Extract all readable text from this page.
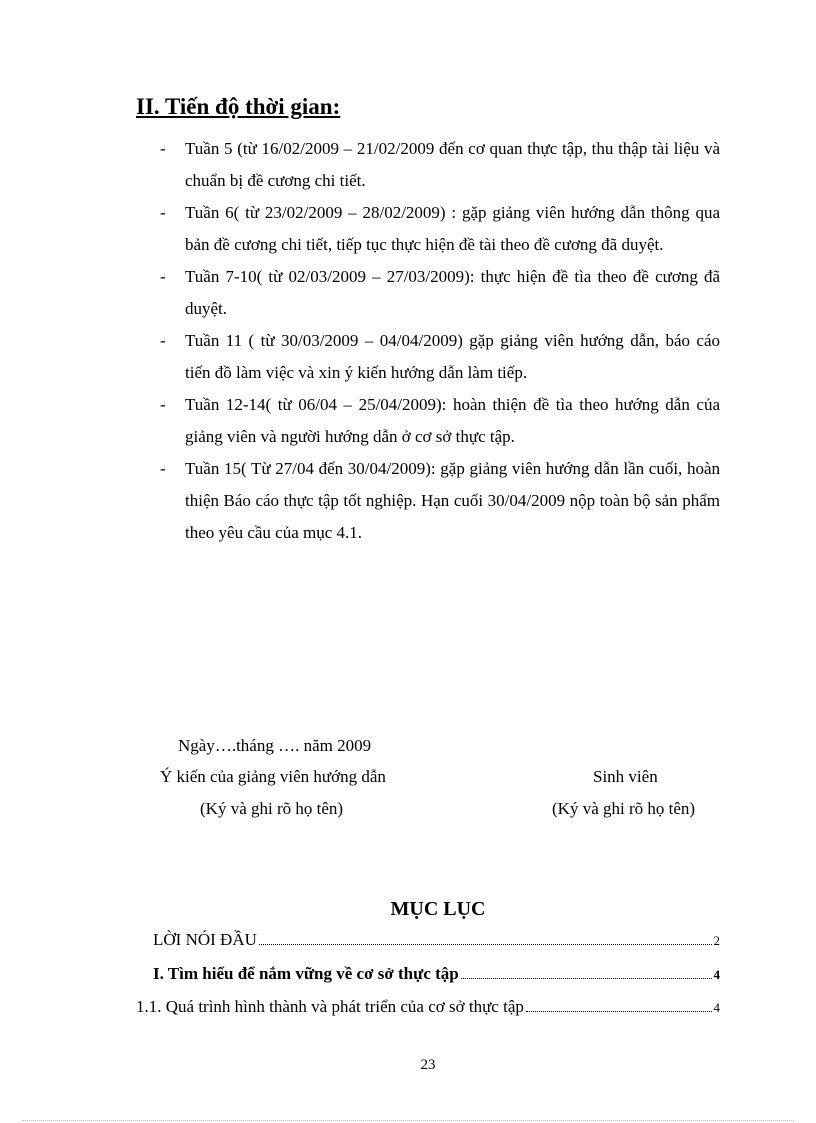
II. Tiến độ thời gian:
- Tuần 5 (từ 16/02/2009 – 21/02/2009 đến cơ quan thực tập, thu thập tài liệu và chuẩn bị đề cương chi tiết.
- Tuần 6( từ 23/02/2009 – 28/02/2009) : gặp giảng viên hướng dẫn thông qua bản đề cương chi tiết, tiếp tục thực hiện đề tài theo đề cương đã duyệt.
- Tuần 7-10( từ 02/03/2009 – 27/03/2009): thực hiện đề tìa theo đề cương đã duyệt.
- Tuần 11 ( từ 30/03/2009 – 04/04/2009) gặp giảng viên hướng dẫn, báo cáo tiến đồ làm việc và xin ý kiến hướng dẫn làm tiếp.
- Tuần 12-14( từ 06/04 – 25/04/2009): hoàn thiện đề tìa theo hướng dẫn của giảng viên và người hướng dẫn ở cơ sở thực tập.
- Tuần 15( Từ 27/04 đến 30/04/2009): gặp giảng viên hướng dẫn lần cuối, hoàn thiện Báo cáo thực tập tốt nghiệp. Hạn cuối 30/04/2009 nộp toàn bộ sản phẩm theo yêu cầu của mục 4.1.
Ngày….tháng …. năm 2009
Ý kiến của giảng viên hướng dẫn
(Ký và ghi rõ họ tên)
Sinh viên
(Ký và ghi rõ họ tên)
MỤC LỤC
LỜI NÓI ĐẦU	2
I. Tìm hiểu để nắm vững về cơ sở thực tập	4
1.1. Quá trình hình thành và phát triển của cơ sở thực tập	4
23
